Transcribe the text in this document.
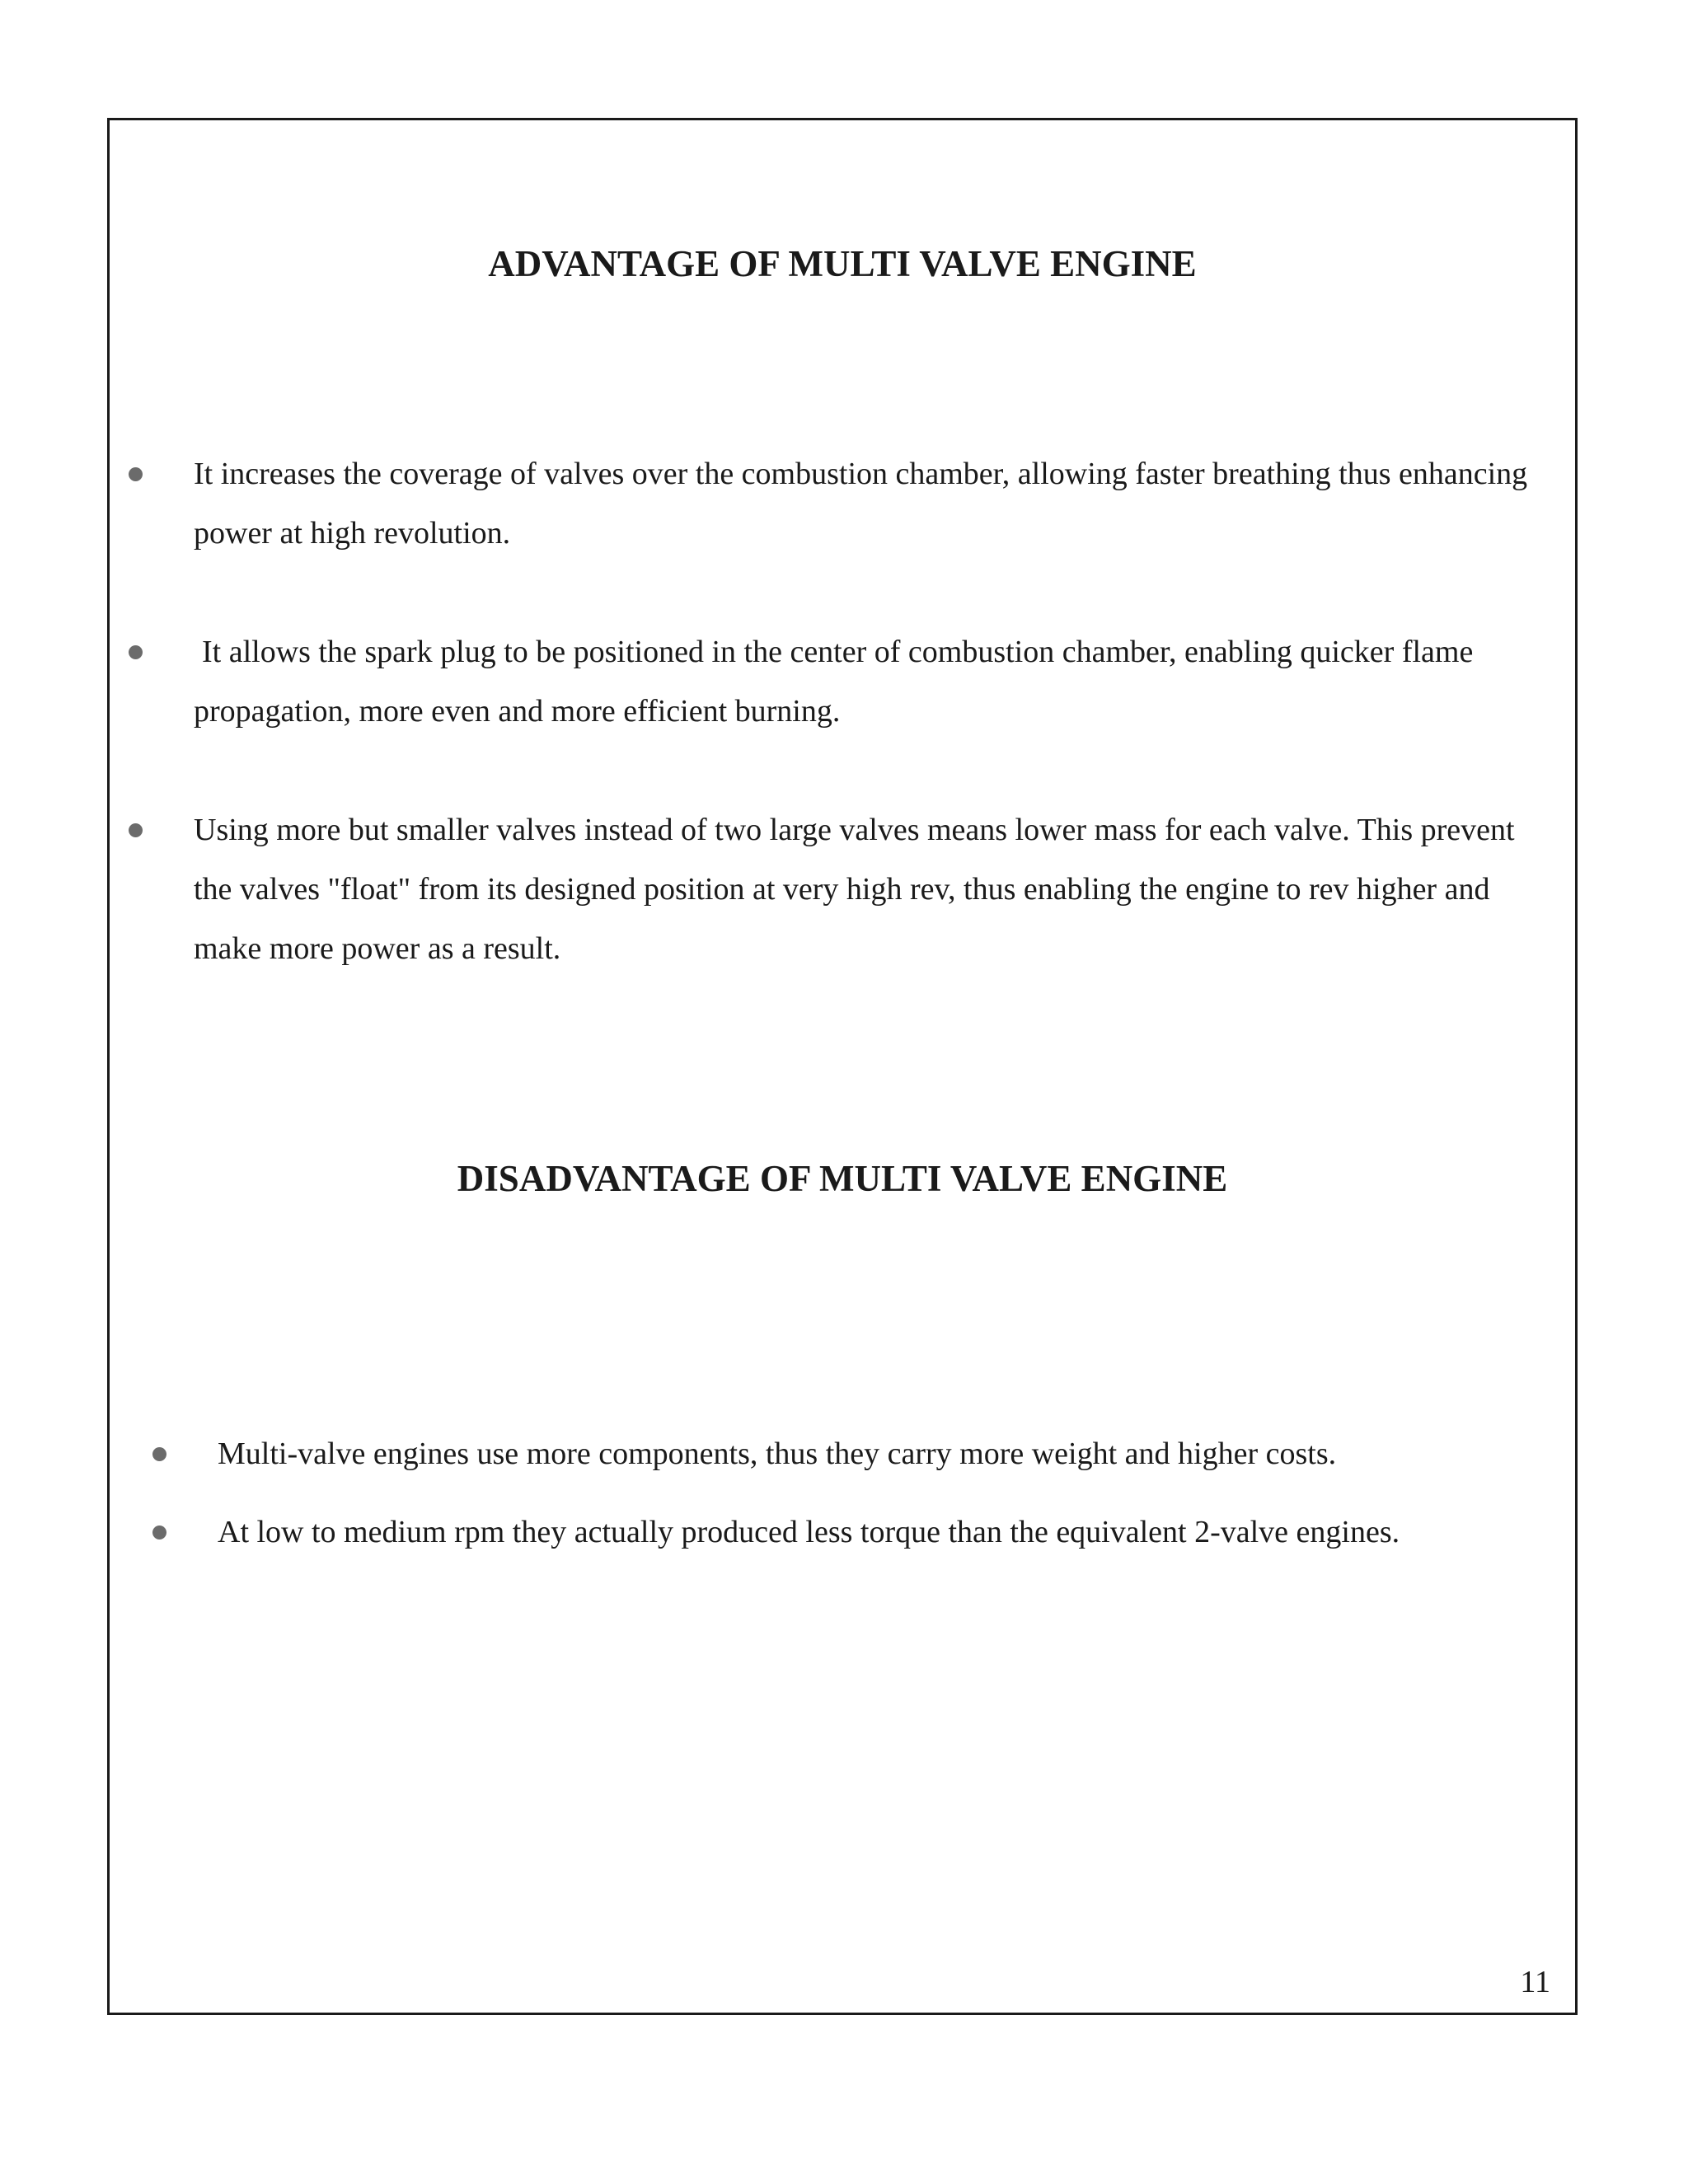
ADVANTAGE OF MULTI VALVE ENGINE
It increases the coverage of valves over the combustion chamber, allowing faster breathing thus enhancing power at high revolution.
It allows the spark plug to be positioned in the center of combustion chamber, enabling quicker flame propagation, more even and more efficient burning.
Using more but smaller valves instead of two large valves means lower mass for each valve. This prevent the valves "float" from its designed position at very high rev, thus enabling the engine to rev higher and make more power as a result.
DISADVANTAGE OF MULTI VALVE ENGINE
Multi-valve engines use more components, thus they carry more weight and higher costs.
At low to medium rpm they actually produced less torque than the equivalent 2-valve engines.
11
